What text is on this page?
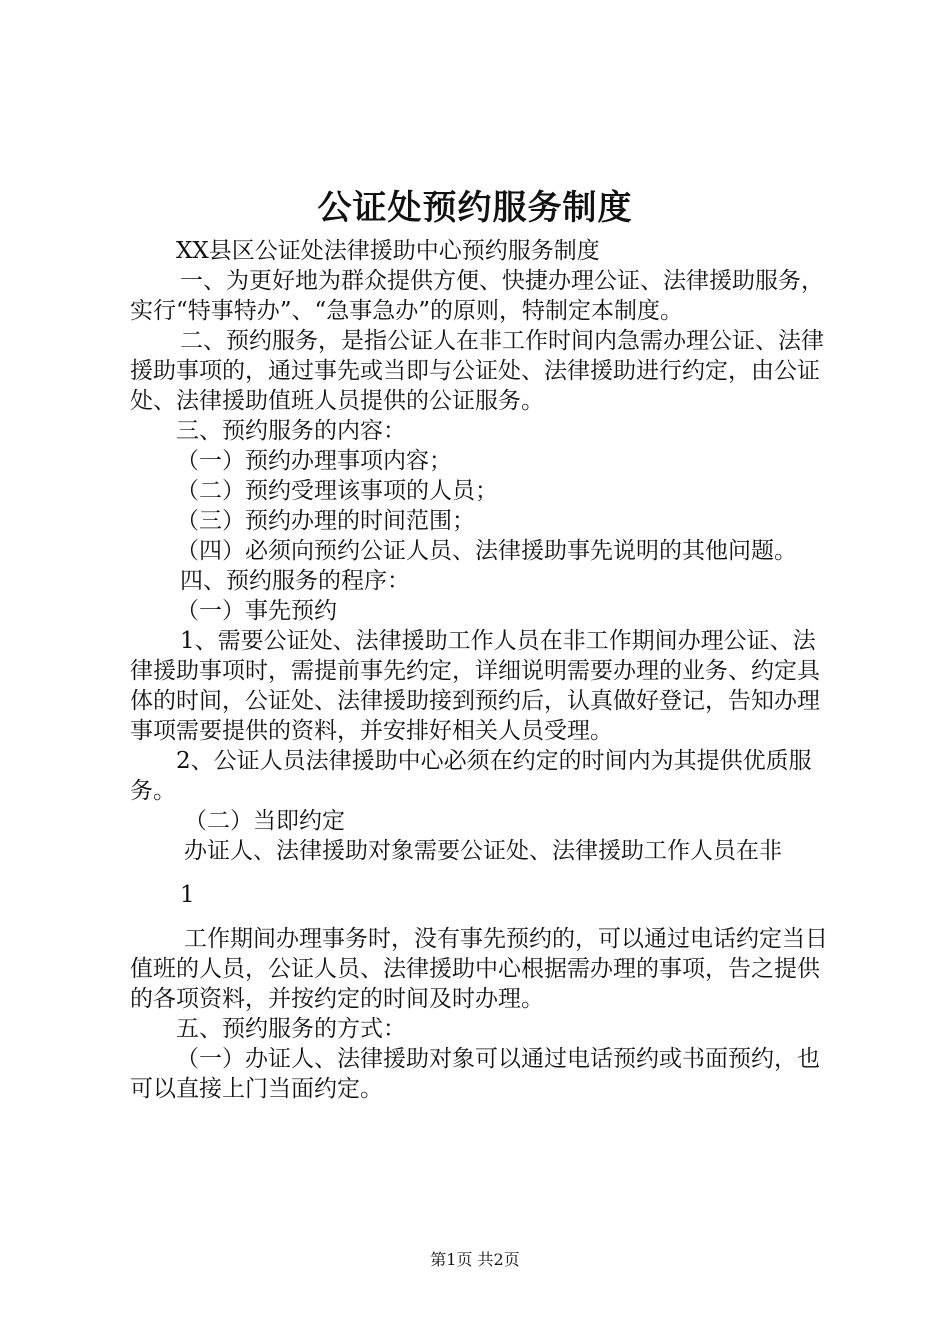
公证处预约服务制度

XX县区公证处法律援助中心预约服务制度

一、为更好地为群众提供方便、快捷办理公证、法律援助服务，实行“特事特办”、“急事急办”的原则，特制定本制度。

二、预约服务，是指公证人在非工作时间内急需办理公证、法律援助事项的，通过事先或当即与公证处、法律援助进行约定，由公证处、法律援助值班人员提供的公证服务。

三、预约服务的内容：

（一）预约办理事项内容；

（二）预约受理该事项的人员；

（三）预约办理的时间范围；

（四）必须向预约公证人员、法律援助事先说明的其他问题。

四、预约服务的程序：

（一）事先预约

1、需要公证处、法律援助工作人员在非工作期间办理公证、法律援助事项时，需提前事先约定，详细说明需要办理的业务、约定具体的时间，公证处、法律援助接到预约后，认真做好登记，告知办理事项需要提供的资料，并安排好相关人员受理。

2、公证人员法律援助中心必须在约定的时间内为其提供优质服务。

（二）当即约定

办证人、法律援助对象需要公证处、法律援助工作人员在非

1

工作期间办理事务时，没有事先预约的，可以通过电话约定当日值班的人员，公证人员、法律援助中心根据需办理的事项，告之提供的各项资料，并按约定的时间及时办理。

五、预约服务的方式：

（一）办证人、法律援助对象可以通过电话预约或书面预约，也可以直接上门当面约定。

第1页 共2页
